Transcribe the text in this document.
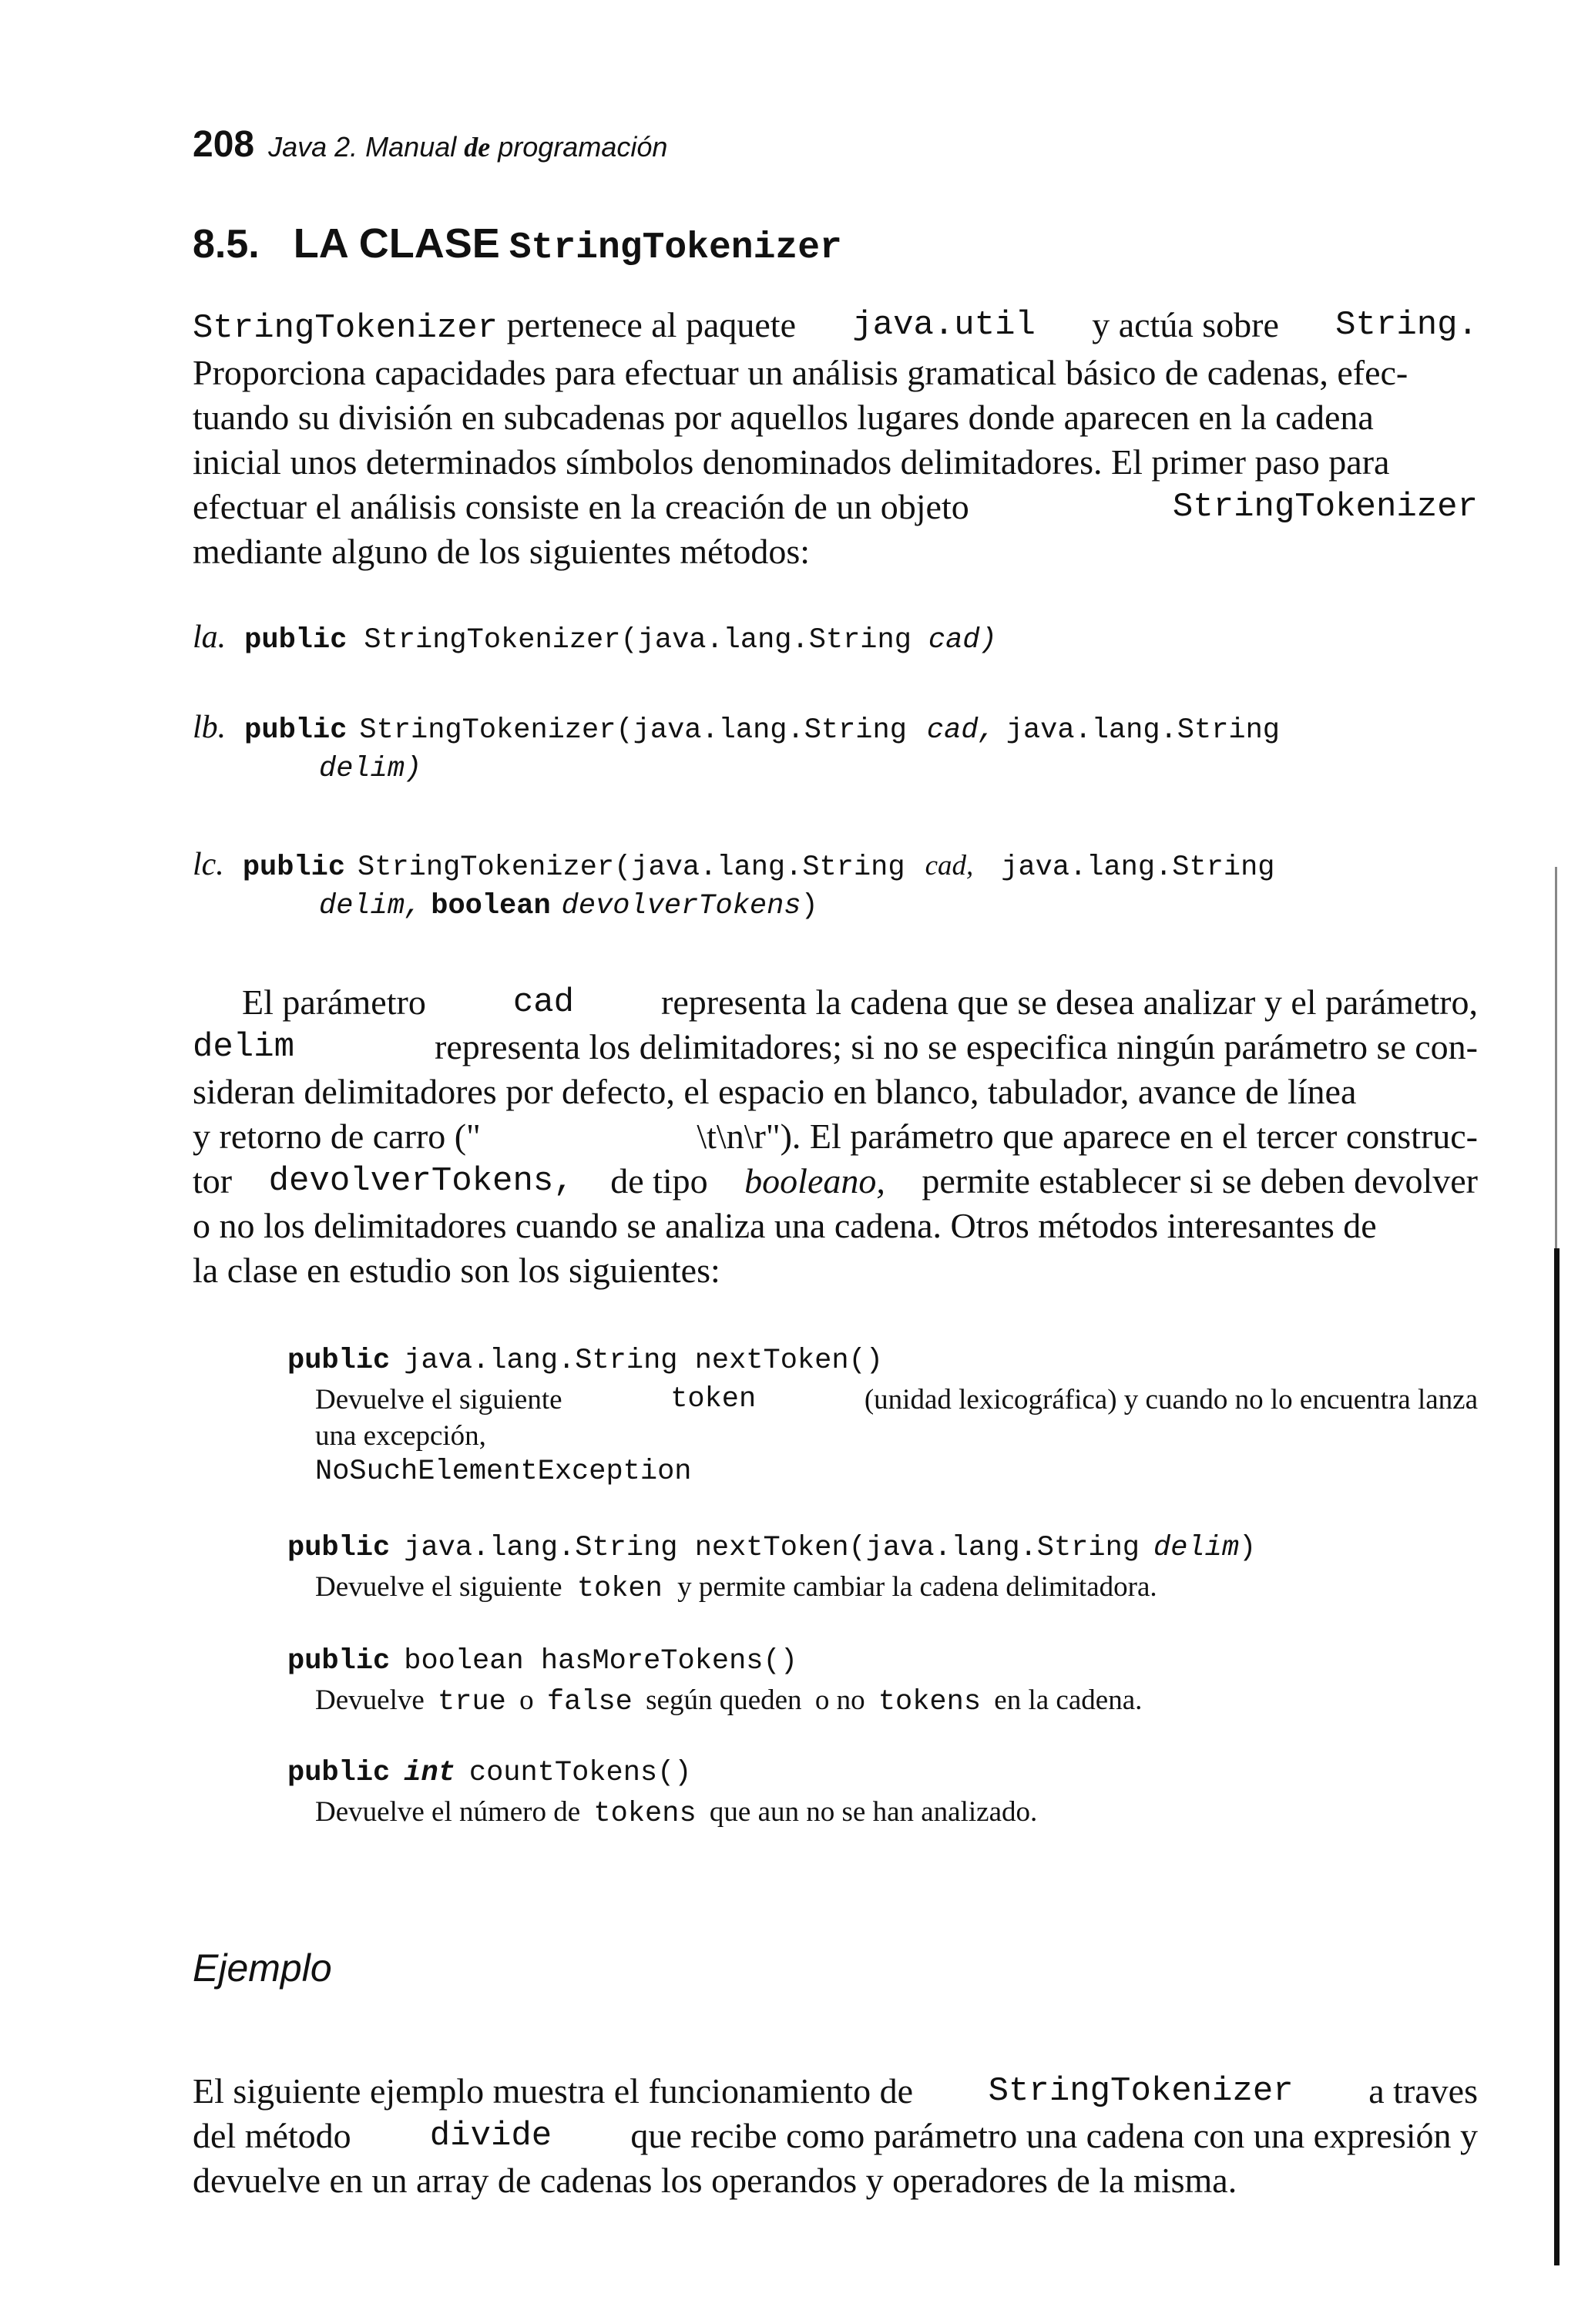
208 Java 2. Manual de programación
8.5. LA CLASE StringTokenizer
StringTokenizer pertenece al paquete java.util y actúa sobre String.
Proporciona capacidades para efectuar un análisis gramatical básico de cadenas, efec-
tuando su división en subcadenas por aquellos lugares donde aparecen en la cadena
inicial unos determinados símbolos denominados delimitadores. El primer paso para
efectuar el análisis consiste en la creación de un objeto	StringTokenizer
mediante alguno de los siguientes métodos:
la. public StringTokenizer(java.lang.String cad)
lb. public StringTokenizer(java.lang.String cad, java.lang.String
delim)
lc. public StringTokenizer(java.lang.String cad, java.lang.String
delim, boolean devolverTokens)
El parámetro	cad representa la cadena que se desea analizar y el parámetro,
delim	representa los delimitadores; si no se especifica ningún parámetro se con-
sideran delimitadores por defecto, el espacio en blanco, tabulador, avance de línea
y retorno de carro ("	\t\n\r"). El parámetro que aparece en el tercer construc-
tor devolverTokens, de tipo booleano, permite establecer si se deben devolver
o no los delimitadores cuando se analiza una cadena. Otros métodos interesantes de
la clase en estudio son los siguientes:
public java.lang.String nextToken()
Devuelve el siguiente	token	(unidad lexicográfica) y cuando no lo encuentra lanza
una excepción,
NoSuchElementException
public java.lang.String nextToken(java.lang.String delim)
Devuelve el siguiente token y permite cambiar la cadena delimitadora.
public boolean hasMoreTokens()
Devuelve true o false según queden o no tokens en la cadena.
public int countTokens()
Devuelve el número de tokens que aun no se han analizado.
Ejemplo
El siguiente ejemplo muestra el funcionamiento de StringTokenizer a traves
del método divide que recibe como parámetro una cadena con una expresión y
devuelve en un array de cadenas los operandos y operadores de la misma.
